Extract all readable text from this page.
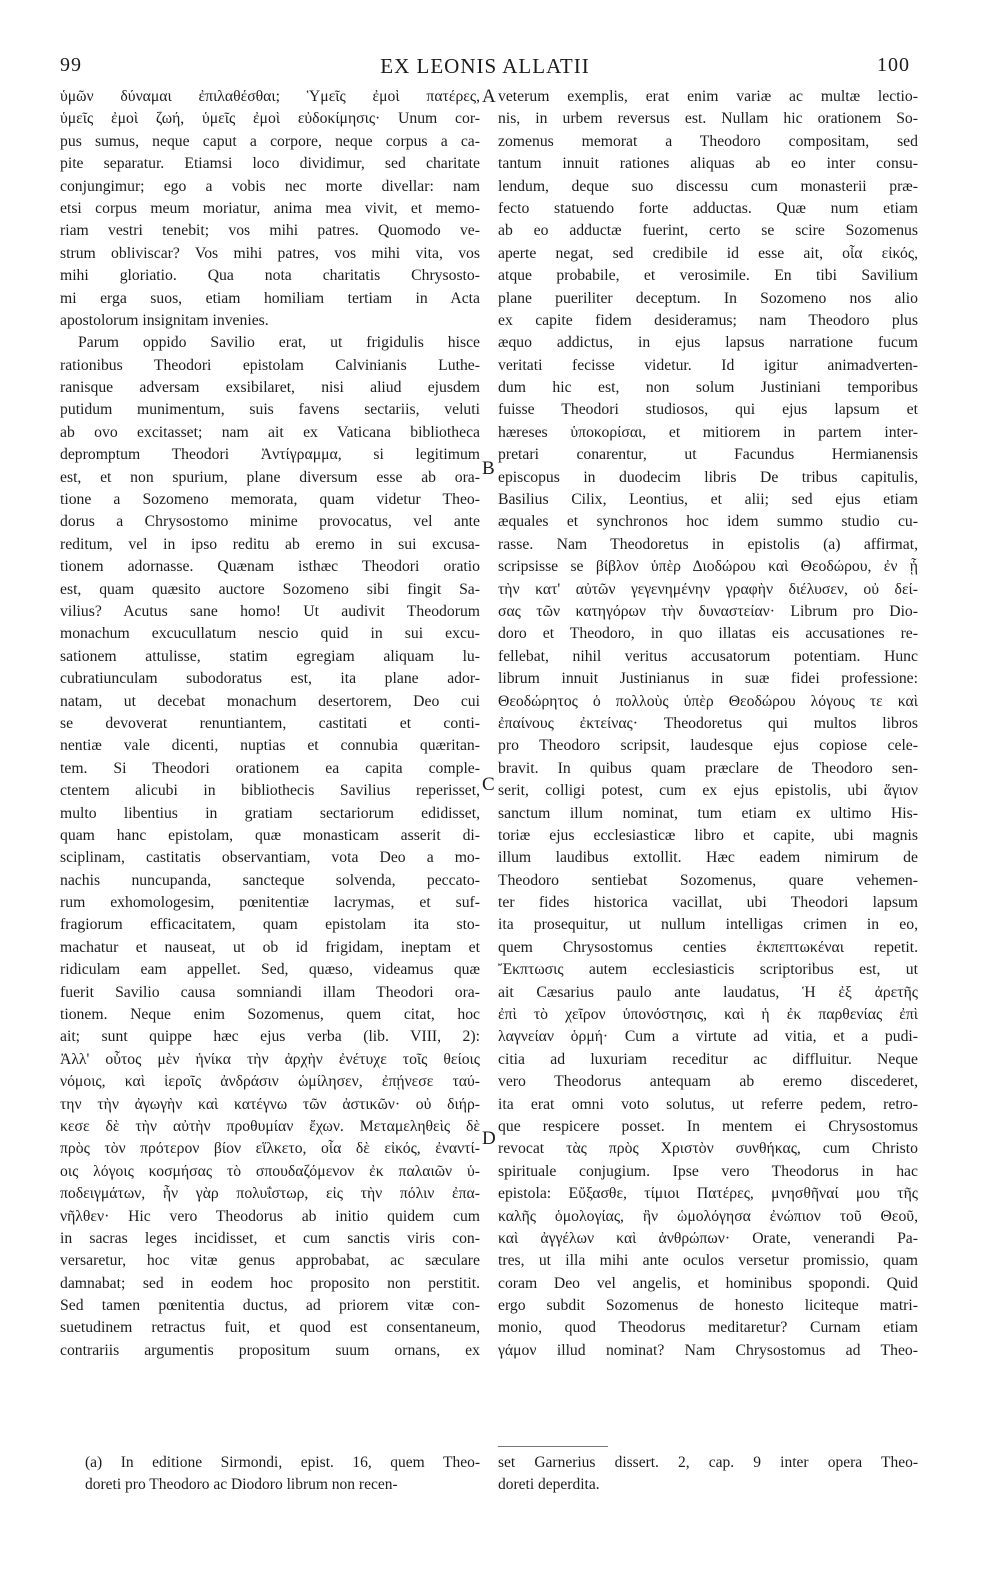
99	EX LEONIS ALLATII	100
ὑμῶν δύναμαι ἐπιλαθέσθαι; Ὑμεῖς ἐμοὶ πατέρες,
ὑμεῖς ἐμοὶ ζωή, ὑμεῖς ἐμοὶ εὐδοκίμησις· Unum cor-
pus sumus, neque caput a corpore, neque corpus a ca-
pite separatur. Etiamsi loco dividimur, sed charitate
conjungimur; ego a vobis nec morte divellar: nam
etsi corpus meum moriatur, anima mea vivit, et memo-
riam vestri tenebit; vos mihi patres. Quomodo ve-
strum obliviscar? Vos mihi patres, vos mihi vita, vos
mihi gloriatio. Qua nota charitatis Chrysosto-
mi erga suos, etiam homiliam tertiam in Acta
apostolorum insignitam invenies.
Parum oppido Savilio erat, ut frigidulis hisce
rationibus Theodori epistolam Calvinianis Luthe-
ranisque adversam exsibilaret, nisi aliud ejusdem
putidum munimentum, suis favens sectariis, veluti
ab ovo excitasset; nam ait ex Vaticana bibliotheca
depromptum Theodori Ἀντίγραμμα, si legitimum
est, et non spurium, plane diversum esse ab ora-
tione a Sozomeno memorata, quam videtur Theo-
dorus a Chrysostomo minime provocatus, vel ante
reditum, vel in ipso reditu ab eremo in sui excusa-
tionem adornasse. Quænam isthæc Theodori oratio
est, quam quæsito auctore Sozomeno sibi fingit Sa-
vilius? Acutus sane homo! Ut audivit Theodorum
monachum excucullatum nescio quid in sui excu-
sationem attulisse, statim egregiam aliquam lu-
cubratiunculam subodoratus est, ita plane ador-
natam, ut decebat monachum desertorem, Deo cui
se devoverat renuntiantem, castitati et conti-
nentiæ vale dicenti, nuptias et connubia quæritan-
tem. Si Theodori orationem ea capita comple-
ctentem alicubi in bibliothecis Savilius reperisset,
multo libentius in gratiam sectariorum edidisset,
quam hanc epistolam, quæ monasticam asserit di-
sciplinam, castitatis observantiam, vota Deo a mo-
nachis nuncupanda, sancteque solvenda, peccato-
rum exhomologesim, pœnitentiæ lacrymas, et suf-
fragiorum efficacitatem, quam epistolam ita sto-
machatur et nauseat, ut ob id frigidam, ineptam et
ridiculam eam appellet. Sed, quæso, videamus quæ
fuerit Savilio causa somniandi illam Theodori ora-
tionem. Neque enim Sozomenus, quem citat, hoc
ait; sunt quippe hæc ejus verba (lib. VIII, 2):
Ἀλλ' οὗτος μὲν ἡνίκα τὴν ἀρχὴν ἐνέτυχε τοῖς θείοις
νόμοις, καὶ ἱεροῖς ἀνδράσιν ὡμίλησεν, ἐπῄνεσε ταύ-
την τὴν ἀγωγὴν καὶ κατέγνω τῶν ἀστικῶν· οὐ διήρ-
κεσε δὲ τὴν αὐτὴν προθυμίαν ἔχων. Μεταμεληθεὶς δὲ
πρὸς τὸν πρότερον βίον εἵλκετο, οἷα δὲ εἰκός, ἐναντί-
οις λόγοις κοσμήσας τὸ σπουδαζόμενον ἐκ παλαιῶν ὑ-
ποδειγμάτων, ἦν γὰρ πολυΐστωρ, εἰς τὴν πόλιν ἐπα-
νῆλθεν· Hic vero Theodorus ab initio quidem cum
in sacras leges incidisset, et cum sanctis viris con-
versaretur, hoc vitæ genus approbabat, ac sæculare
damnabat; sed in eodem hoc proposito non perstitit.
Sed tamen pœnitentia ductus, ad priorem vitæ con-
suetudinem retractus fuit, et quod est consentaneum,
contrariis argumentis propositum suum ornans, ex
veterum exemplis, erat enim variæ ac multæ lectio-
nis, in urbem reversus est. Nullam hic orationem So-
zomenus memorat a Theodoro compositam, sed
tantum innuit rationes aliquas ab eo inter consu-
lendum, deque suo discessu cum monasterii præ-
fecto statuendo forte adductas. Quæ num etiam
ab eo adductæ fuerint, certo se scire Sozomenus
aperte negat, sed credibile id esse ait, οἷα εἰκός,
atque probabile, et verosimile. En tibi Savilium
plane pueriliter deceptum. In Sozomeno nos alio
ex capite fidem desideramus; nam Theodoro plus
æquo addictus, in ejus lapsus narratione fucum
veritati fecisse videtur. Id igitur animadverten-
dum hic est, non solum Justiniani temporibus
fuisse Theodori studiosos, qui ejus lapsum et
hæreses ὑποκορίσαι, et mitiorem in partem inter-
pretari conarentur, ut Facundus Hermianensis
episcopus in duodecim libris De tribus capitulis,
Basilius Cilix, Leontius, et alii; sed ejus etiam
æquales et synchronos hoc idem summo studio cu-
rasse. Nam Theodoretus in epistolis (a) affirmat,
scripsisse se βίβλον ὑπὲρ Διοδώρου καὶ Θεοδώρου, ἐν ᾗ
τὴν κατ' αὐτῶν γεγενημένην γραφὴν διέλυσεν, οὐ δεί-
σας τῶν κατηγόρων τὴν δυναστείαν· Librum pro Dio-
doro et Theodoro, in quo illatas eis accusationes re-
fellebat, nihil veritus accusatorum potentiam. Hunc
librum innuit Justinianus in suæ fidei professione:
Θεοδώρητος ὁ πολλοὺς ὑπὲρ Θεοδώρου λόγους τε καὶ
ἐπαίνους ἐκτείνας· Theodoretus qui multos libros
pro Theodoro scripsit, laudesque ejus copiose cele-
bravit. In quibus quam præclare de Theodoro sen-
serit, colligi potest, cum ex ejus epistolis, ubi ἅγιον
sanctum illum nominat, tum etiam ex ultimo His-
toriæ ejus ecclesiasticæ libro et capite, ubi magnis
illum laudibus extollit. Hæc eadem nimirum de
Theodoro sentiebat Sozomenus, quare vehemen-
ter fides historica vacillat, ubi Theodori lapsum
ita prosequitur, ut nullum intelligas crimen in eo,
quem Chrysostomus centies ἐκπεπτωκέναι repetit.
Ἔκπτωσις autem ecclesiasticis scriptoribus est, ut
ait Cæsarius paulo ante laudatus, Ἡ ἐξ ἀρετῆς
ἐπὶ τὸ χεῖρον ὑπονόστησις, καὶ ἡ ἐκ παρθενίας ἐπὶ
λαγνείαν ὁρμή· Cum a virtute ad vitia, et a pudi-
citia ad luxuriam receditur ac diffluitur. Neque
vero Theodorus antequam ab eremo discederet,
ita erat omni voto solutus, ut referre pedem, retro-
que respicere posset. In mentem ei Chrysostomus
revocat τὰς πρὸς Χριστὸν συνθήκας, cum Christo
spirituale conjugium. Ipse vero Theodorus in hac
epistola: Εὔξασθε, τίμιοι Πατέρες, μνησθῆναί μου τῆς
καλῆς ὁμολογίας, ἣν ὡμολόγησα ἐνώπιον τοῦ Θεοῦ,
καὶ ἀγγέλων καὶ ἀνθρώπων· Orate, venerandi Pa-
tres, ut illa mihi ante oculos versetur promissio, quam
coram Deo vel angelis, et hominibus spopondi. Quid
ergo subdit Sozomenus de honesto liciteque matri-
monio, quod Theodorus meditaretur? Curnam etiam
γάμον illud nominat? Nam Chrysostomus ad Theo-
A
B
C
D
(a) In editione Sirmondi, epist. 16, quem Theo-
doreti pro Theodoro ac Diodoro librum non recen-
set Garnerius dissert. 2, cap. 9 inter opera Theo-
doreti deperdita.
